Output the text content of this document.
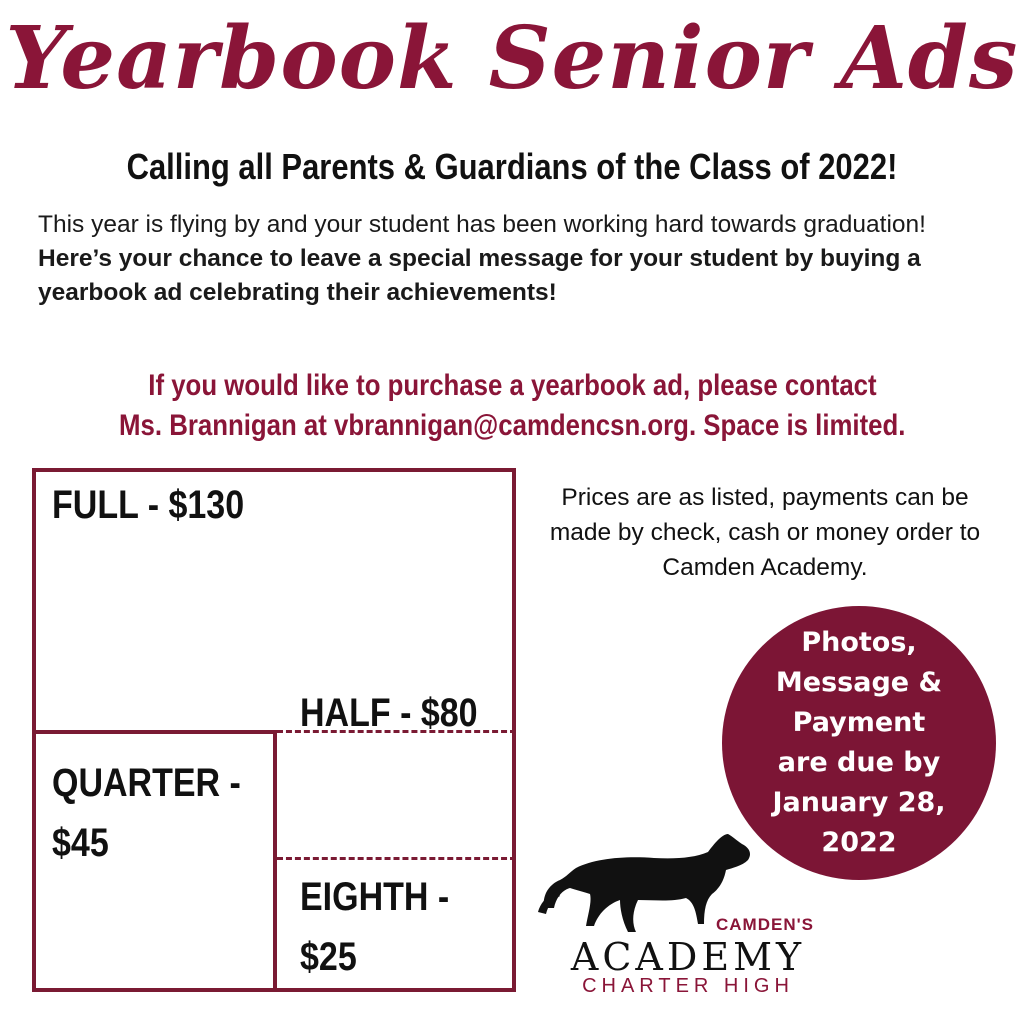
Yearbook Senior Ads
Calling all Parents & Guardians of the Class of 2022!
This year is flying by and your student has been working hard towards graduation! Here’s your chance to leave a special message for your student by buying a yearbook ad celebrating their achievements!
If you would like to purchase a yearbook ad, please contact
Ms. Brannigan at vbrannigan@camdencsn.org. Space is limited.
FULL - $130
HALF - $80
QUARTER -
$45
EIGHTH -
$25
Prices are as listed, payments can be made by check, cash or money order to Camden Academy.
Photos,
Message &
Payment
are due by
January 28,
2022
CAMDEN'S
ACADEMY
CHARTER HIGH
